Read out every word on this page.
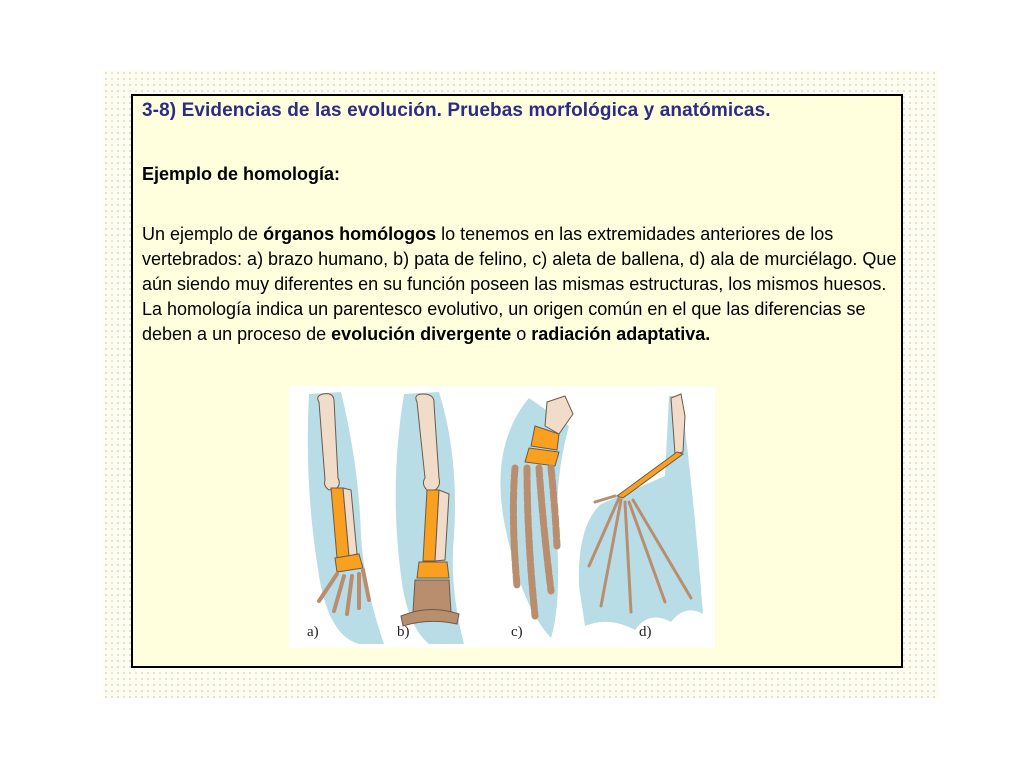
3-8) Evidencias de las evolución. Pruebas morfológica y anatómicas.
Ejemplo de homología:

Un ejemplo de órganos homólogos lo tenemos en las extremidades anteriores de los vertebrados: a) brazo humano, b) pata de felino, c) aleta de ballena, d) ala de murciélago. Que aún siendo muy diferentes en su función poseen las mismas estructuras, los mismos huesos. La homología indica un parentesco evolutivo, un origen común en el que las diferencias se deben a un proceso de evolución divergente o radiación adaptativa.

a)	b)	c)	d)
